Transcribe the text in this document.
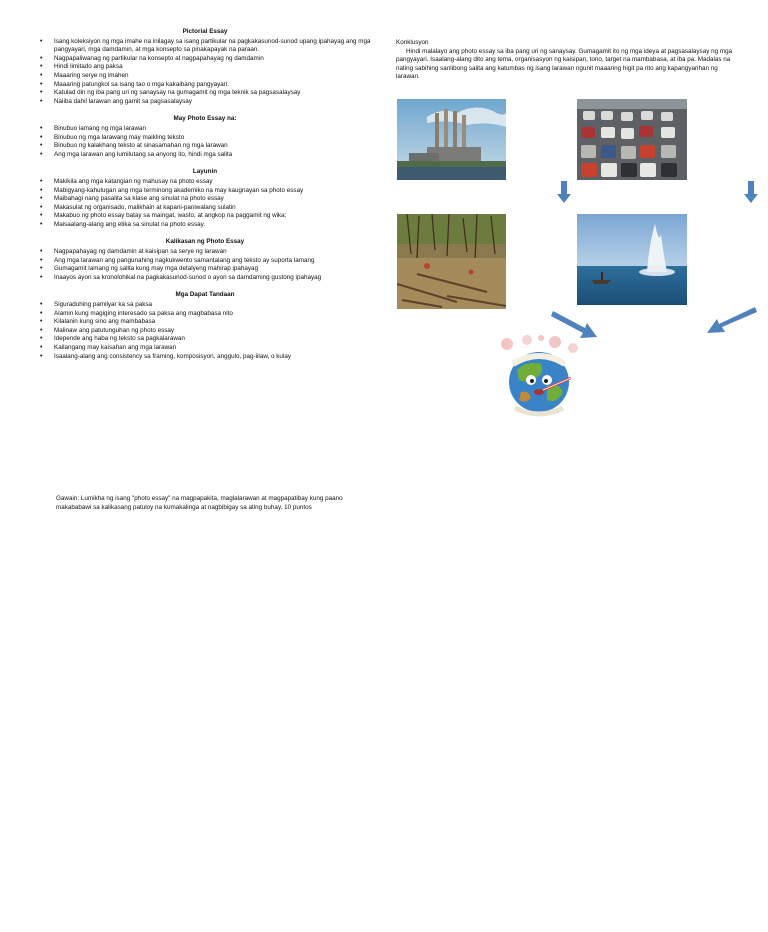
Pictorial Essay
• Isang koleksiyon ng mga imahe na inilagay sa isang partikular na pagkakasunod-sunod upang ipahayag ang mga pangyayari, mga damdamin, at mga konsepto sa pinakapayak na paraan.
• Nagpapaliwanag ng partikular na konsepto at nagpapahayag ng damdamin
• Hindi limitado ang paksa
• Maaaring serye ng imahen
• Maaaring patungkol sa isang tao o mga kakaibang pangyayari.
• Katulad din ng iba pang uri ng sanaysay na gumagamit ng mga teknik sa pagsasalaysay
• Naiiba dahil larawan ang gamit sa pagsasalaysay
May Photo Essay na:
• Binubuo lamang ng mga larawan
• Binubuo ng mga larawang may maikling teksto
• Binubuo ng kalakhang teksto at sinasamahan ng mga larawan
• Ang mga larawan ang lumilutang sa anyong ito, hindi mga salita
Layunin
• Makikila ang mga katangian ng mahusay na photo essay
• Mabigyang-kahulugan ang mga terminong akademiko na may kaugnayan sa photo essay
• Maibahagi nang pasalita sa klase ang sinulat na photo essay
• Makasulat ng organisado, malikhain at kapani-paniwalang sulatin
• Makabuo ng photo essay batay sa maingat, wasto, at angkop na paggamit ng wika;
• Maisaalang-alang ang etika sa sinulat na photo essay.
Kalikasan ng Photo Essay
• Nagpapahayag ng damdamin at kaisipan sa serye ng larawan
• Ang mga larawan ang pangunahing nagkukwento samantalang ang teksto ay suporta lamang
• Gumagamit lamang ng salita kung may mga detalyeng mahirap ipahayag
• Inaayos ayon sa kronolohikal na pagkakasunod-sunod o ayon sa damdaming gustong ipahayag
Mga Dapat Tandaan
• Siguraduhing pamilyar ka sa paksa
• Alamin kung magiging interesado sa paksa ang magbabasa nito
• Kilalanin kung sino ang mambabasa
• Malinaw ang patutunguhan ng photo essay
• Idepende ang haba ng teksto sa pagkalarawan
• Kailangang may kaisahan ang mga larawan
• Isaalang-alang ang consistency sa framing, komposisyon, anggulo, pag-iilaw, o kulay
Gawain: Lumikha ng isang "photo essay" na magpapakita, maglalarawan at magpapatibay kung paano makababawi sa kalikasang patuloy na kumakalinga at nagbibigay sa ating buhay. 10 puntos
Konklusyon

Hindi malalayo ang photo essay sa iba pang uri ng sanaysay. Gumagamit ito ng mga ideya at pagsasalaysay ng mga pangyayari. Isaalang-alang dito ang tema, organisasyon ng kaisipan, tono, target na mambabasa, at iba pa. Madalas na nating sabihing sanlibong salita ang katumbas ng isang larawan ngunit maaaring higit pa rito ang kapangyarihan ng larawan.
